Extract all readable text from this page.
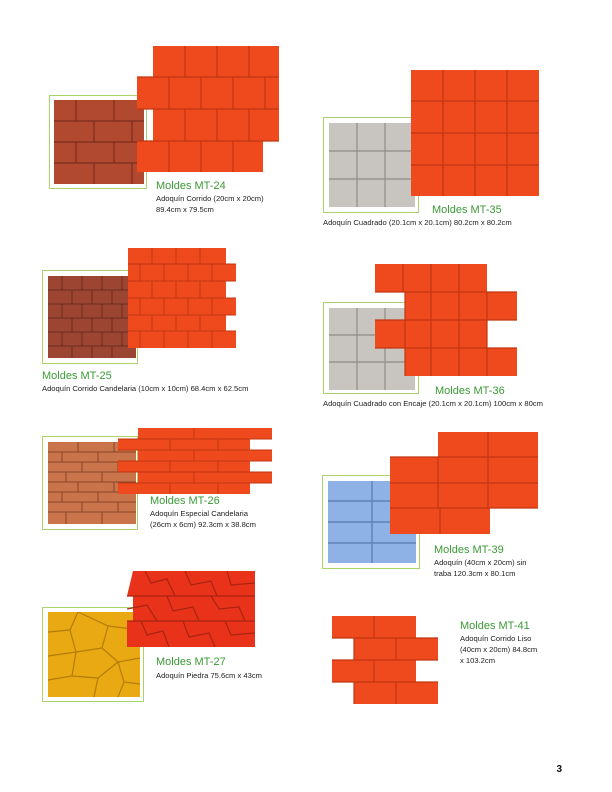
Moldes MT-24
Adoquín Corrido (20cm x 20cm)
89.4cm x 79.5cm	Moldes MT-35
Adoquín Cuadrado (20.1cm x 20.1cm) 80.2cm x 80.2cm
Moldes MT-25
Adoquín Corrido Candelaria (10cm x 10cm) 68.4cm x 62.5cm	Moldes MT-36
Adoquín Cuadrado con Encaje (20.1cm x 20.1cm) 100cm x 80cm
Moldes MT-26
Adoquín Especial Candelaria
(26cm x 6cm) 92.3cm x 38.8cm
Moldes MT-39
Adoquín (40cm x 20cm) sin
traba 120.3cm x 80.1cm
Moldes MT-27
Adoquín Piedra 75.6cm x 43cm
Moldes MT-41
Adoquín Corrido Liso
(40cm x 20cm) 84.8cm
x 103.2cm
3
